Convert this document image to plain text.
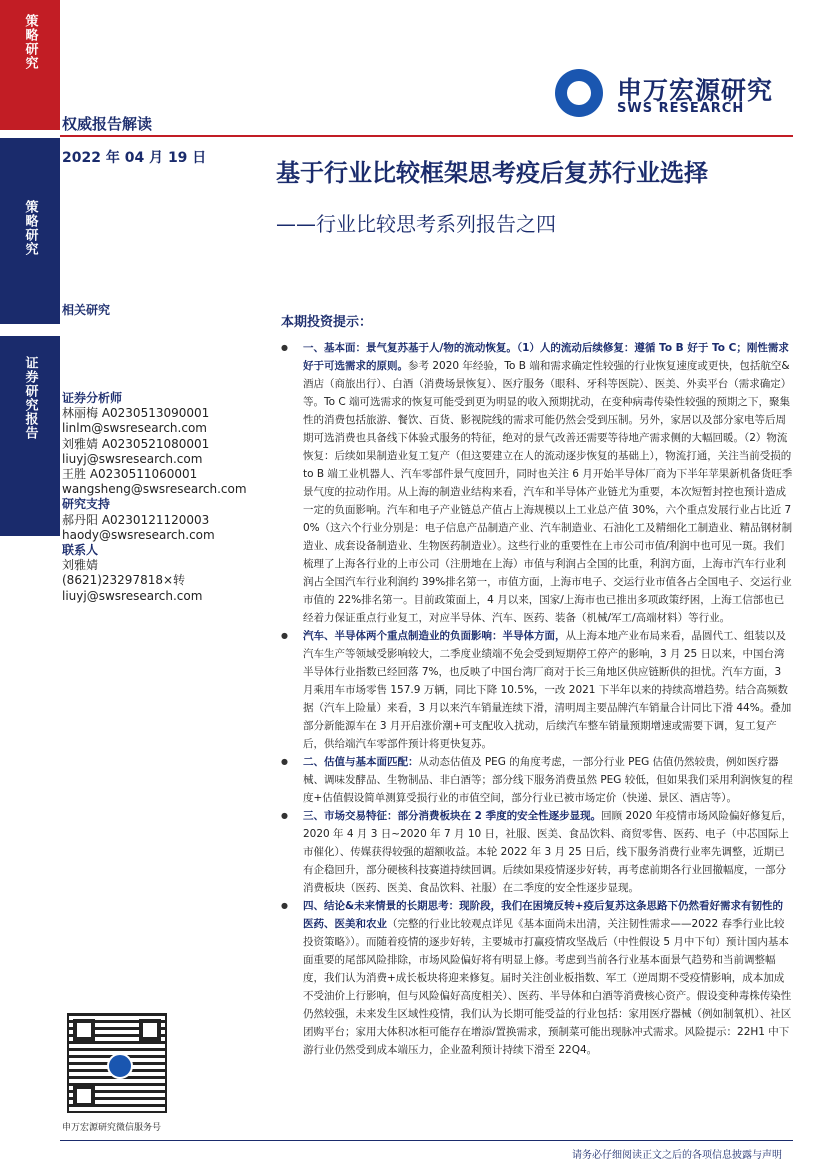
策略研究
策略研究
证券研究报告
申万宏源研究
SWS RESEARCH
权威报告解读
2022 年 04 月 19 日
基于行业比较框架思考疫后复苏行业选择
——行业比较思考系列报告之四
相关研究
证券分析师
林丽梅 A0230513090001
linlm@swsresearch.com
刘雅婧 A0230521080001
liuyj@swsresearch.com
王胜 A0230511060001
wangsheng@swsresearch.com
研究支持
郝丹阳 A0230121120003
haody@swsresearch.com
联系人
刘雅婧
(8621)23297818×转
liuyj@swsresearch.com
申万宏源研究微信服务号
本期投资提示：
● 一、基本面：景气复苏基于人/物的流动恢复。（1）人的流动后续修复：遵循 To B 好于 To C；刚性需求好于可选需求的原则。参考 2020 年经验，To B 端和需求确定性较强的行业恢复速度或更快，包括航空&酒店（商旅出行）、白酒（消费场景恢复）、医疗服务（眼科、牙科等医院）、医美、外卖平台（需求确定）等。To C 端可选需求的恢复可能受到更为明显的收入预期扰动，在变种病毒传染性较强的预期之下，聚集性的消费包括旅游、餐饮、百货、影视院线的需求可能仍然会受到压制。另外，家居以及部分家电等后周期可选消费也具备线下体验式服务的特征，绝对的景气改善还需要等待地产需求侧的大幅回暖。（2）物流恢复：后续如果制造业复工复产（但这要建立在人的流动逐步恢复的基础上），物流打通，关注当前受损的 to B 端工业机器人、汽车零部件景气度回升，同时也关注 6 月开始半导体厂商为下半年苹果新机备货旺季景气度的拉动作用。从上海的制造业结构来看，汽车和半导体产业链尤为重要，本次短暂封控也预计造成一定的负面影响。汽车和电子产业链总产值占上海规模以上工业总产值 30%，六个重点发展行业占比近 70%（这六个行业分别是：电子信息产品制造产业、汽车制造业、石油化工及精细化工制造业、精品钢材制造业、成套设备制造业、生物医药制造业）。这些行业的重要性在上市公司市值/利润中也可见一斑。我们梳理了上海各行业的上市公司（注册地在上海）市值与利润占全国的比重，利润方面，上海市汽车行业利润占全国汽车行业利润约 39%排名第一，市值方面，上海市电子、交运行业市值各占全国电子、交运行业市值的 22%排名第一。目前政策面上，4 月以来，国家/上海市也已推出多项政策纾困，上海工信部也已经着力保证重点行业复工，对应半导体、汽车、医药、装备（机械/军工/高端材料）等行业。
● 汽车、半导体两个重点制造业的负面影响：半导体方面，从上海本地产业布局来看，晶圆代工、组装以及汽车生产等领域受影响较大，二季度业绩端不免会受到短期停工停产的影响，3 月 25 日以来，中国台湾半导体行业指数已经回落 7%，也反映了中国台湾厂商对于长三角地区供应链断供的担忧。汽车方面，3 月乘用车市场零售 157.9 万辆，同比下降 10.5%，一改 2021 下半年以来的持续高增趋势。结合高频数据（汽车上险量）来看，3 月以来汽车销量连续下滑，清明周主要品牌汽车销量合计同比下滑 44%。叠加部分新能源车在 3 月开启涨价潮+可支配收入扰动，后续汽车整车销量预期增速或需要下调，复工复产后，供给端汽车零部件预计将更快复苏。
● 二、估值与基本面匹配：从动态估值及 PEG 的角度考虑，一部分行业 PEG 估值仍然较贵，例如医疗器械、调味发酵品、生物制品、非白酒等；部分线下服务消费虽然 PEG 较低，但如果我们采用利润恢复的程度+估值假设简单测算受损行业的市值空间，部分行业已被市场定价（快递、景区、酒店等）。
● 三、市场交易特征：部分消费板块在 2 季度的安全性逐步显现。回顾 2020 年疫情市场风险偏好修复后，2020 年 4 月 3 日~2020 年 7 月 10 日，社服、医美、食品饮料、商贸零售、医药、电子（中芯国际上市催化）、传媒获得较强的超额收益。本轮 2022 年 3 月 25 日后，线下服务消费行业率先调整，近期已有企稳回升，部分硬核科技赛道持续回调。后续如果疫情逐步好转，再考虑前期各行业回撤幅度，一部分消费板块（医药、医美、食品饮料、社服）在二季度的安全性逐步显现。
● 四、结论&未来情景的长期思考：现阶段，我们在困境反转+疫后复苏这条思路下仍然看好需求有韧性的医药、医美和农业（完整的行业比较观点详见《基本面尚未出清，关注韧性需求——2022 春季行业比较投资策略》）。而随着疫情的逐步好转，主要城市打赢疫情攻坚战后（中性假设 5 月中下旬）预计国内基本面重要的尾部风险排除，市场风险偏好将有明显上修。考虑到当前各行业基本面景气趋势和当前调整幅度，我们认为消费+成长板块将迎来修复。届时关注创业板指数、军工（逆周期不受疫情影响，成本加成不受油价上行影响，但与风险偏好高度相关）、医药、半导体和白酒等消费核心资产。假设变种毒株传染性仍然较强，未来发生区域性疫情，我们认为长期可能受益的行业包括：家用医疗器械（例如制氧机）、社区团购平台；家用大体积冰柜可能存在增添/置换需求，预制菜可能出现脉冲式需求。风险提示：22H1 中下游行业仍然受到成本端压力，企业盈利预计持续下滑至 22Q4。
请务必仔细阅读正文之后的各项信息披露与声明
